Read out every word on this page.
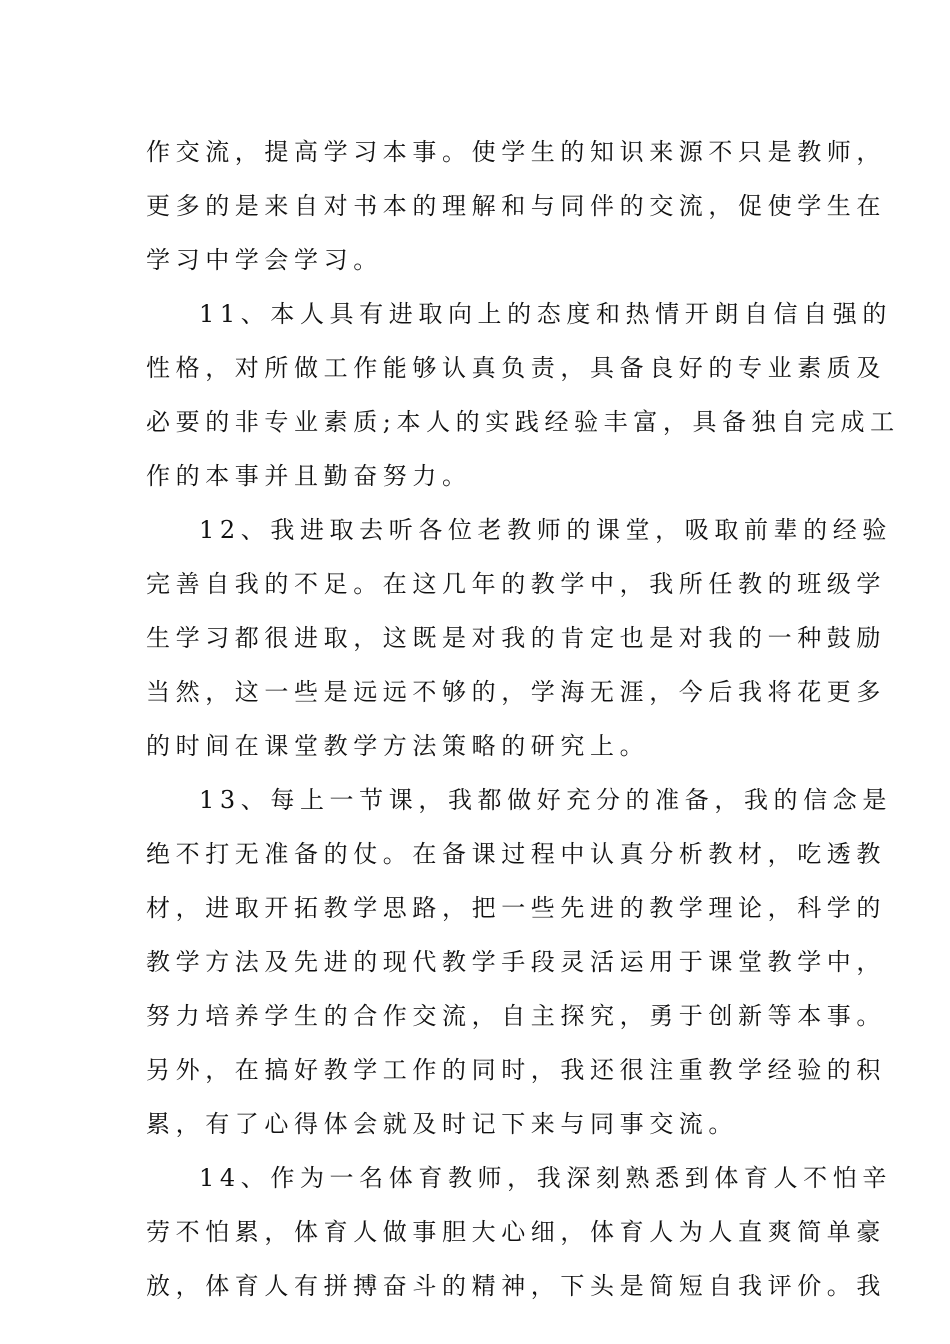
作交流，提高学习本事。使学生的知识来源不只是教师，
更多的是来自对书本的理解和与同伴的交流，促使学生在
学习中学会学习。
11、本人具有进取向上的态度和热情开朗自信自强的
性格，对所做工作能够认真负责，具备良好的专业素质及
必要的非专业素质;本人的实践经验丰富，具备独自完成工
作的本事并且勤奋努力。
12、我进取去听各位老教师的课堂，吸取前辈的经验
完善自我的不足。在这几年的教学中，我所任教的班级学
生学习都很进取，这既是对我的肯定也是对我的一种鼓励
当然，这一些是远远不够的，学海无涯，今后我将花更多
的时间在课堂教学方法策略的研究上。
13、每上一节课，我都做好充分的准备，我的信念是
绝不打无准备的仗。在备课过程中认真分析教材，吃透教
材，进取开拓教学思路，把一些先进的教学理论，科学的
教学方法及先进的现代教学手段灵活运用于课堂教学中，
努力培养学生的合作交流，自主探究，勇于创新等本事。
另外，在搞好教学工作的同时，我还很注重教学经验的积
累，有了心得体会就及时记下来与同事交流。
14、作为一名体育教师，我深刻熟悉到体育人不怕辛
劳不怕累，体育人做事胆大心细，体育人为人直爽简单豪
放，体育人有拼搏奋斗的精神，下头是简短自我评价。我
